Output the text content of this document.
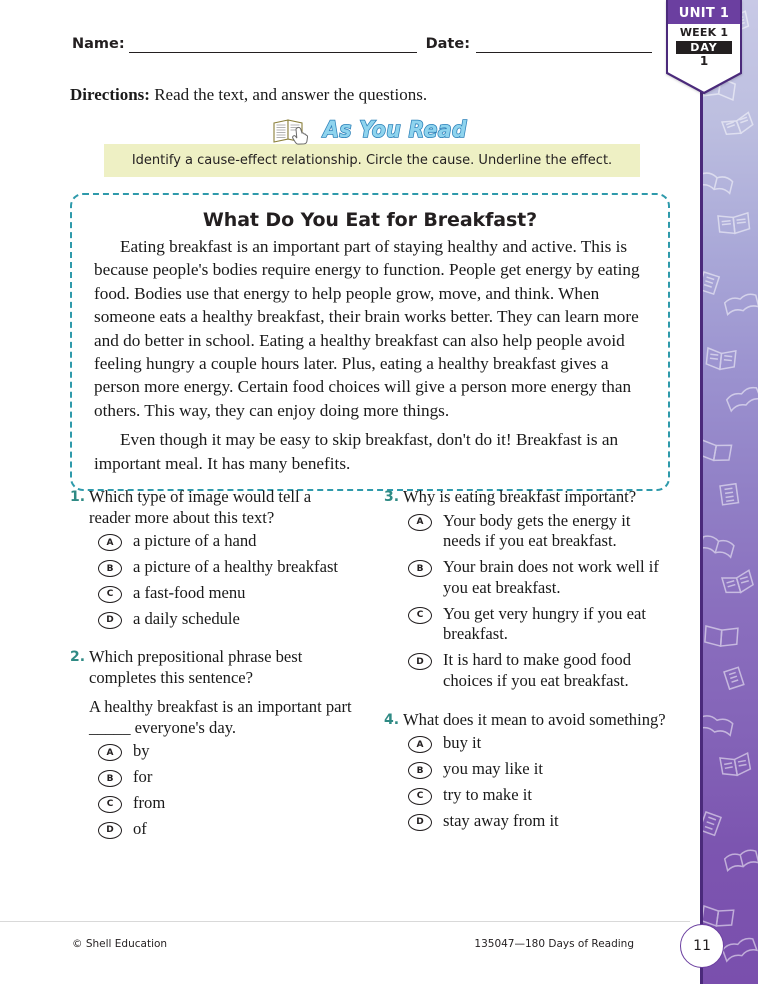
UNIT 1
WEEK 1
DAY
1
Name:	Date:
Directions: Read the text, and answer the questions.
As You Read
Identify a cause-effect relationship. Circle the cause. Underline the effect.
What Do You Eat for Breakfast?

Eating breakfast is an important part of staying healthy and active. This is because people's bodies require energy to function. People get energy by eating food. Bodies use that energy to help people grow, move, and think. When someone eats a healthy breakfast, their brain works better. They can learn more and do better in school. Eating a healthy breakfast can also help people avoid feeling hungry a couple hours later. Plus, eating a healthy breakfast gives a person more energy. Certain food choices will give a person more energy than others. This way, they can enjoy doing more things.

Even though it may be easy to skip breakfast, don't do it! Breakfast is an important meal. It has many benefits.

1. Which type of image would tell a reader more about this text?
A	a picture of a hand
B	a picture of a healthy breakfast
C	a fast-food menu
D	a daily schedule
2. Which prepositional phrase best completes this sentence?
A healthy breakfast is an important part _____ everyone's day.
A	by
B	for
C	from
D	of
3. Why is eating breakfast important?
A	Your body gets the energy it needs if you eat breakfast.
B	Your brain does not work well if you eat breakfast.
C	You get very hungry if you eat breakfast.
D	It is hard to make good food choices if you eat breakfast.
4. What does it mean to avoid something?
A	buy it
B	you may like it
C	try to make it
D	stay away from it
© Shell Education	135047—180 Days of Reading	11
